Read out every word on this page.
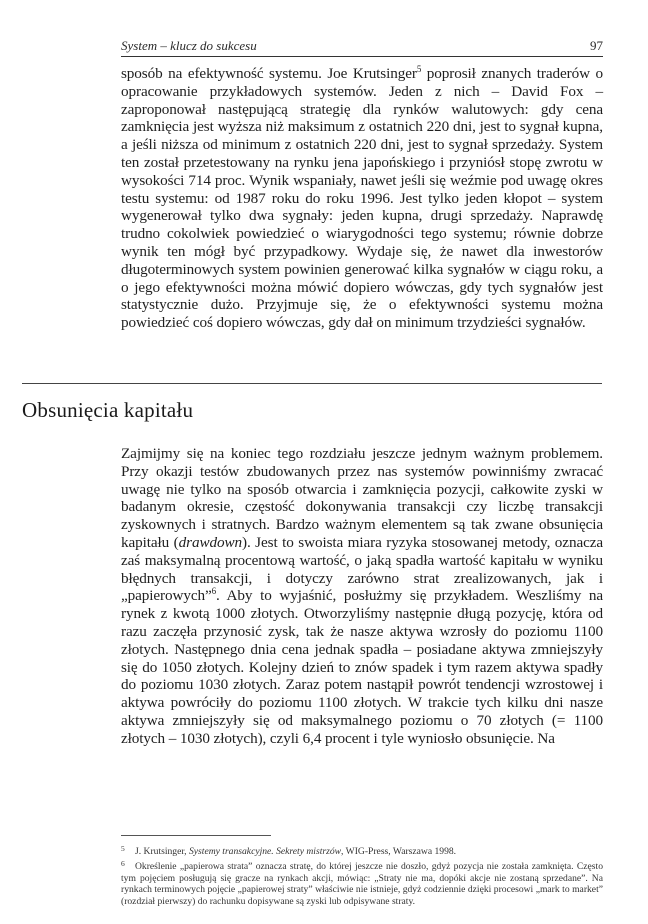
System – klucz do sukcesu	97

sposób na efektywność systemu. Joe Krutsinger$^5$ poprosił znanych traderów o opracowanie przykładowych systemów. Jeden z nich – David Fox – zaproponował następującą strategię dla rynków walutowych: gdy cena zamknięcia jest wyższa niż maksimum z ostatnich 220 dni, jest to sygnał kupna, a jeśli niższa od minimum z ostatnich 220 dni, jest to sygnał sprzedaży. System ten został przetestowany na rynku jena japońskiego i przyniósł stopę zwrotu w wysokości 714 proc. Wynik wspaniały, nawet jeśli się weźmie pod uwagę okres testu systemu: od 1987 roku do roku 1996. Jest tylko jeden kłopot – system wygenerował tylko dwa sygnały: jeden kupna, drugi sprzedaży. Naprawdę trudno cokolwiek powiedzieć o wiarygodności tego systemu; równie dobrze wynik ten mógł być przypadkowy. Wydaje się, że nawet dla inwestorów długoterminowych system powinien generować kilka sygnałów w ciągu roku, a o jego efektywności można mówić dopiero wówczas, gdy tych sygnałów jest statystycznie dużo. Przyjmuje się, że o efektywności systemu można powiedzieć coś dopiero wówczas, gdy dał on minimum trzydzieści sygnałów.

Obsunięcia kapitału

Zajmijmy się na koniec tego rozdziału jeszcze jednym ważnym problemem. Przy okazji testów zbudowanych przez nas systemów powinniśmy zwracać uwagę nie tylko na sposób otwarcia i zamknięcia pozycji, całkowite zyski w badanym okresie, częstość dokonywania transakcji czy liczbę transakcji zyskownych i stratnych. Bardzo ważnym elementem są tak zwane obsunięcia kapitału (drawdown). Jest to swoista miara ryzyka stosowanej metody, oznacza zaś maksymalną procentową wartość, o jaką spadła wartość kapitału w wyniku błędnych transakcji, i dotyczy zarówno strat zrealizowanych, jak i „papierowych”$^6$. Aby to wyjaśnić, posłużmy się przykładem. Weszliśmy na rynek z kwotą 1000 złotych. Otworzyliśmy następnie długą pozycję, która od razu zaczęła przynosić zysk, tak że nasze aktywa wzrosły do poziomu 1100 złotych. Następnego dnia cena jednak spadła – posiadane aktywa zmniejszyły się do 1050 złotych. Kolejny dzień to znów spadek i tym razem aktywa spadły do poziomu 1030 złotych. Zaraz potem nastąpił powrót tendencji wzrostowej i aktywa powróciły do poziomu 1100 złotych. W trakcie tych kilku dni nasze aktywa zmniejszyły się od maksymalnego poziomu o 70 złotych (= 1100 złotych – 1030 złotych), czyli 6,4 procent i tyle wyniosło obsunięcie. Na

5 J. Krutsinger, Systemy transakcyjne. Sekrety mistrzów, WIG-Press, Warszawa 1998.

6 Określenie „papierowa strata” oznacza stratę, do której jeszcze nie doszło, gdyż pozycja nie została zamknięta. Często tym pojęciem posługują się gracze na rynkach akcji, mówiąc: „Straty nie ma, dopóki akcje nie zostaną sprzedane”. Na rynkach terminowych pojęcie „papierowej straty” właściwie nie istnieje, gdyż codziennie dzięki procesowi „mark to market” (rozdział pierwszy) do rachunku dopisywane są zyski lub odpisywane straty.
